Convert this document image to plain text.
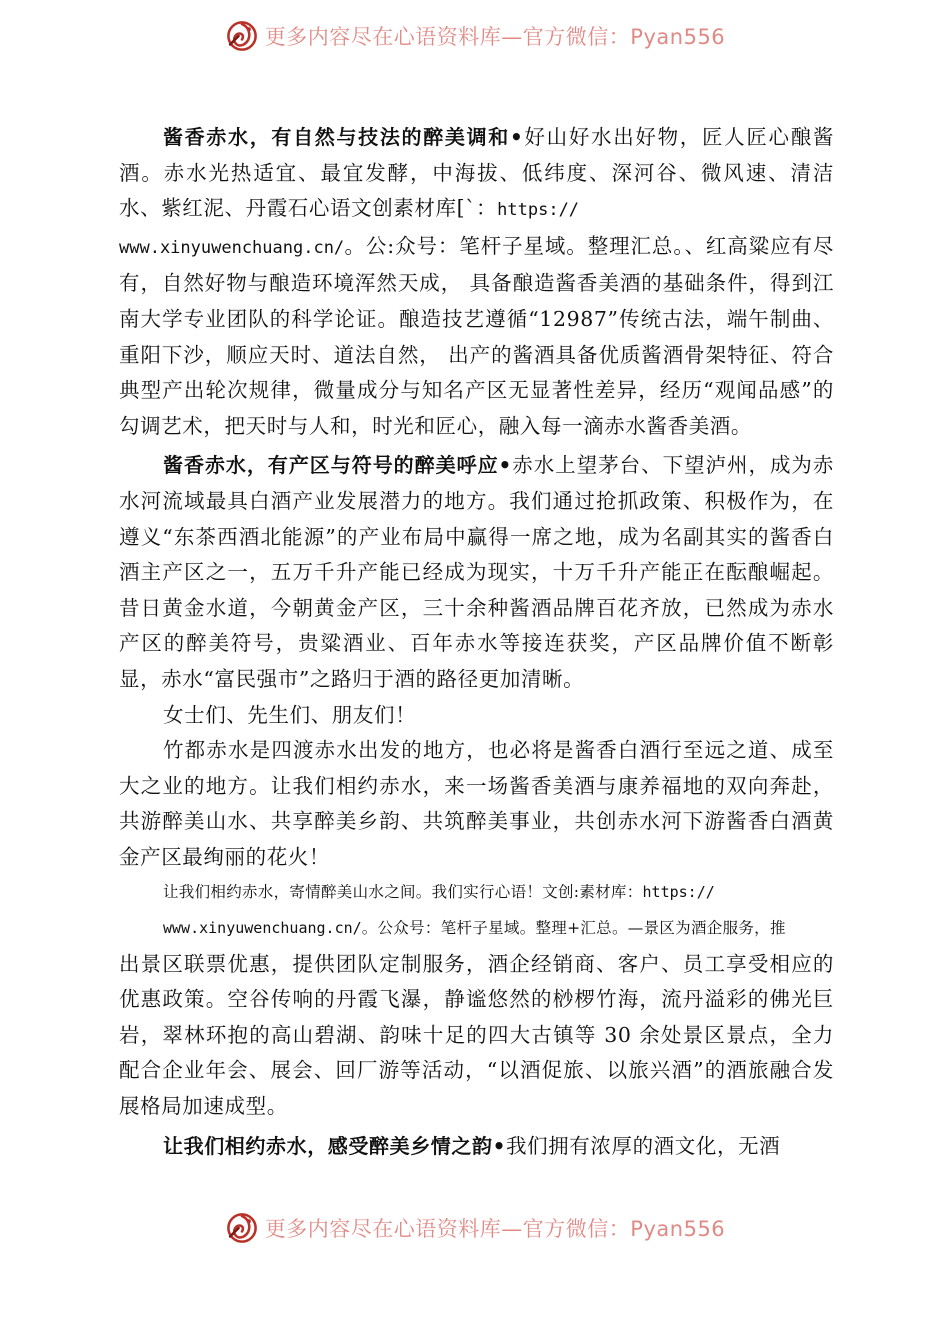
更多内容尽在心语资料库—官方微信：Pyan556

酱香赤水，有自然与技法的醉美调和•好山好水出好物，匠人匠心酿酱酒。赤水光热适宜、最宜发酵，中海拔、低纬度、深河谷、微风速、清洁水、紫红泥、丹霞石心语文创素材库[`：https://
www.xinyuwenchuang.cn/。公:众号：笔杆子星域。整理汇总。、红高粱应有尽有，自然好物与酿造环境浑然天成， 具备酿造酱香美酒的基础条件，得到江南大学专业团队的科学论证。酿造技艺遵循“12987”传统古法，端午制曲、重阳下沙，顺应天时、道法自然， 出产的酱酒具备优质酱酒骨架特征、符合典型产出轮次规律，微量成分与知名产区无显著性差异，经历“观闻品感”的勾调艺术，把天时与人和，时光和匠心，融入每一滴赤水酱香美酒。

酱香赤水，有产区与符号的醉美呼应•赤水上望茅台、下望泸州，成为赤水河流域最具白酒产业发展潜力的地方。我们通过抢抓政策、积极作为，在遵义“东茶西酒北能源”的产业布局中赢得一席之地，成为名副其实的酱香白酒主产区之一，五万千升产能已经成为现实，十万千升产能正在酝酿崛起。昔日黄金水道，今朝黄金产区，三十余种酱酒品牌百花齐放，已然成为赤水产区的醉美符号，贵粱酒业、百年赤水等接连获奖，产区品牌价值不断彰显，赤水“富民强市”之路归于酒的路径更加清晰。

女士们、先生们、朋友们！

竹都赤水是四渡赤水出发的地方，也必将是酱香白酒行至远之道、成至大之业的地方。让我们相约赤水，来一场酱香美酒与康养福地的双向奔赴，共游醉美山水、共享醉美乡韵、共筑醉美事业，共创赤水河下游酱香白酒黄金产区最绚丽的花火！

让我们相约赤水，寄情醉美山水之间。我们实行心语！文创:素材库：https://

www.xinyuwenchuang.cn/。公众号：笔杆子星域。整理+汇总。—景区为酒企服务，推

出景区联票优惠，提供团队定制服务，酒企经销商、客户、员工享受相应的优惠政策。空谷传响的丹霞飞瀑，静谧悠然的桫椤竹海，流丹溢彩的佛光巨岩，翠林环抱的高山碧湖、韵味十足的四大古镇等 30 余处景区景点，全力配合企业年会、展会、回厂游等活动，“以酒促旅、以旅兴酒”的酒旅融合发展格局加速成型。

让我们相约赤水，感受醉美乡情之韵•我们拥有浓厚的酒文化，无酒

更多内容尽在心语资料库—官方微信：Pyan556
